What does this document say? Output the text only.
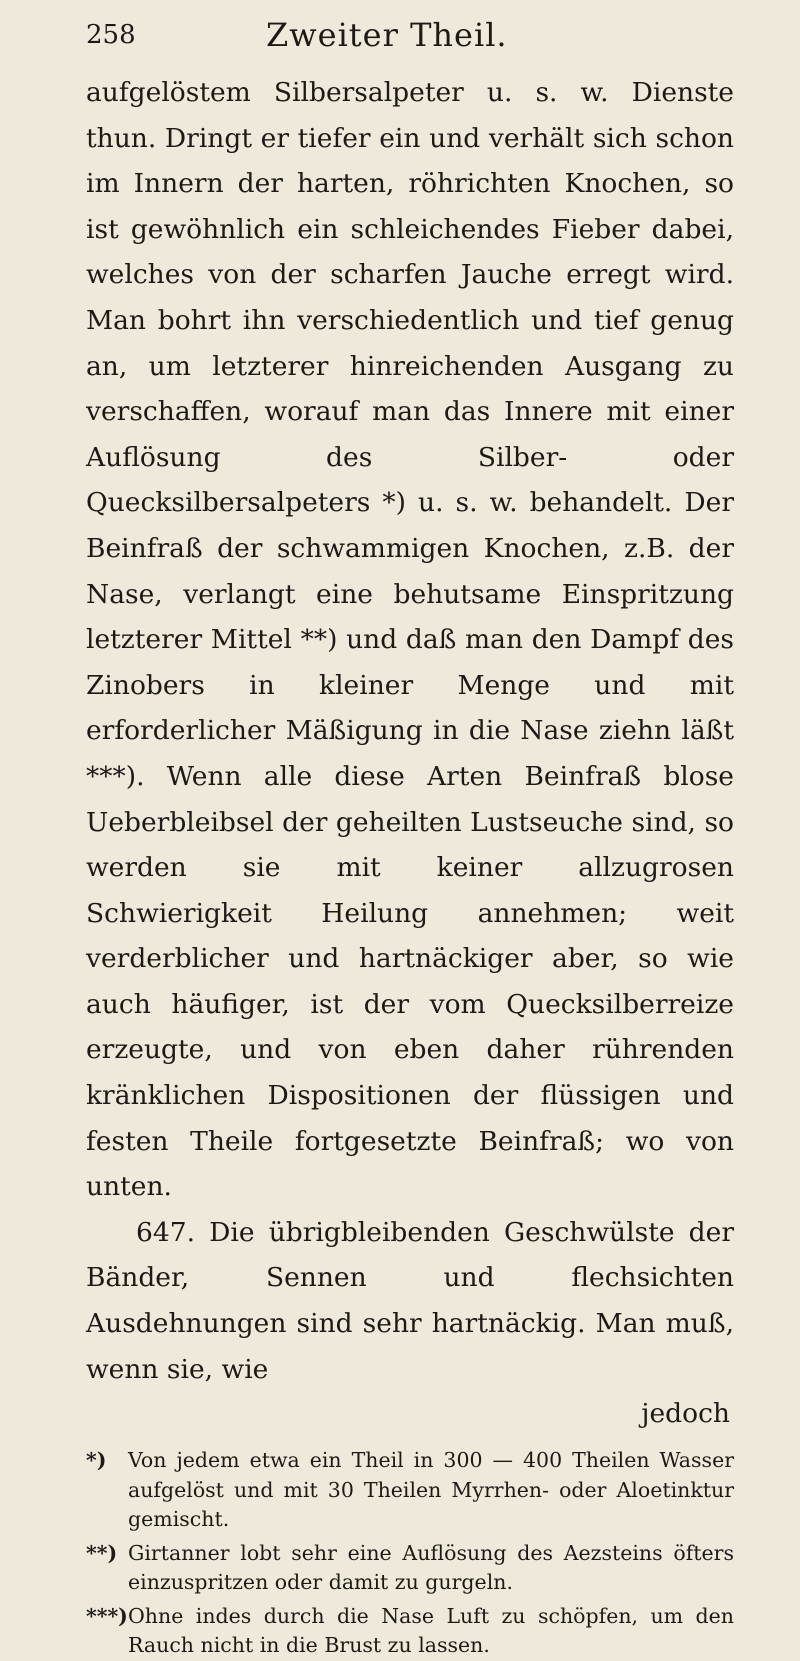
258	Zweiter Theil.

aufgelöstem Silbersalpeter u. s. w. Dienste thun. Dringt er tiefer ein und verhält sich schon im Innern der harten, röhrichten Knochen, so ist gewöhnlich ein schleichendes Fieber dabei, welches von der scharfen Jauche erregt wird. Man bohrt ihn verschiedentlich und tief genug an, um letzterer hinreichenden Ausgang zu verschaffen, worauf man das Innere mit einer Auflösung des Silber- oder Quecksilbersalpeters *) u. s. w. behandelt. Der Beinfraß der schwammigen Knochen, z.B. der Nase, verlangt eine behutsame Einspritzung letzterer Mittel **) und daß man den Dampf des Zinobers in kleiner Menge und mit erforderlicher Mäßigung in die Nase ziehn läßt ***). Wenn alle diese Arten Beinfraß blose Ueberbleibsel der geheilten Lustseuche sind, so werden sie mit keiner allzugrosen Schwierigkeit Heilung annehmen; weit verderblicher und hartnäckiger aber, so wie auch häufiger, ist der vom Quecksilberreize erzeugte, und von eben daher rührenden kränklichen Dispositionen der flüssigen und festen Theile fortgesetzte Beinfraß; wo von unten.

647. Die übrigbleibenden Geschwülste der Bänder, Sennen und flechsichten Ausdehnungen sind sehr hartnäckig. Man muß, wenn sie, wie

jedoch
*)	Von jedem etwa ein Theil in 300 — 400 Theilen Wasser aufgelöst und mit 30 Theilen Myrrhen- oder Aloetinktur gemischt.
**) Girtanner lobt sehr eine Auflösung des Aezsteins öfters einzuspritzen oder damit zu gurgeln.
***) Ohne indes durch die Nase Luft zu schöpfen, um den Rauch nicht in die Brust zu lassen.
